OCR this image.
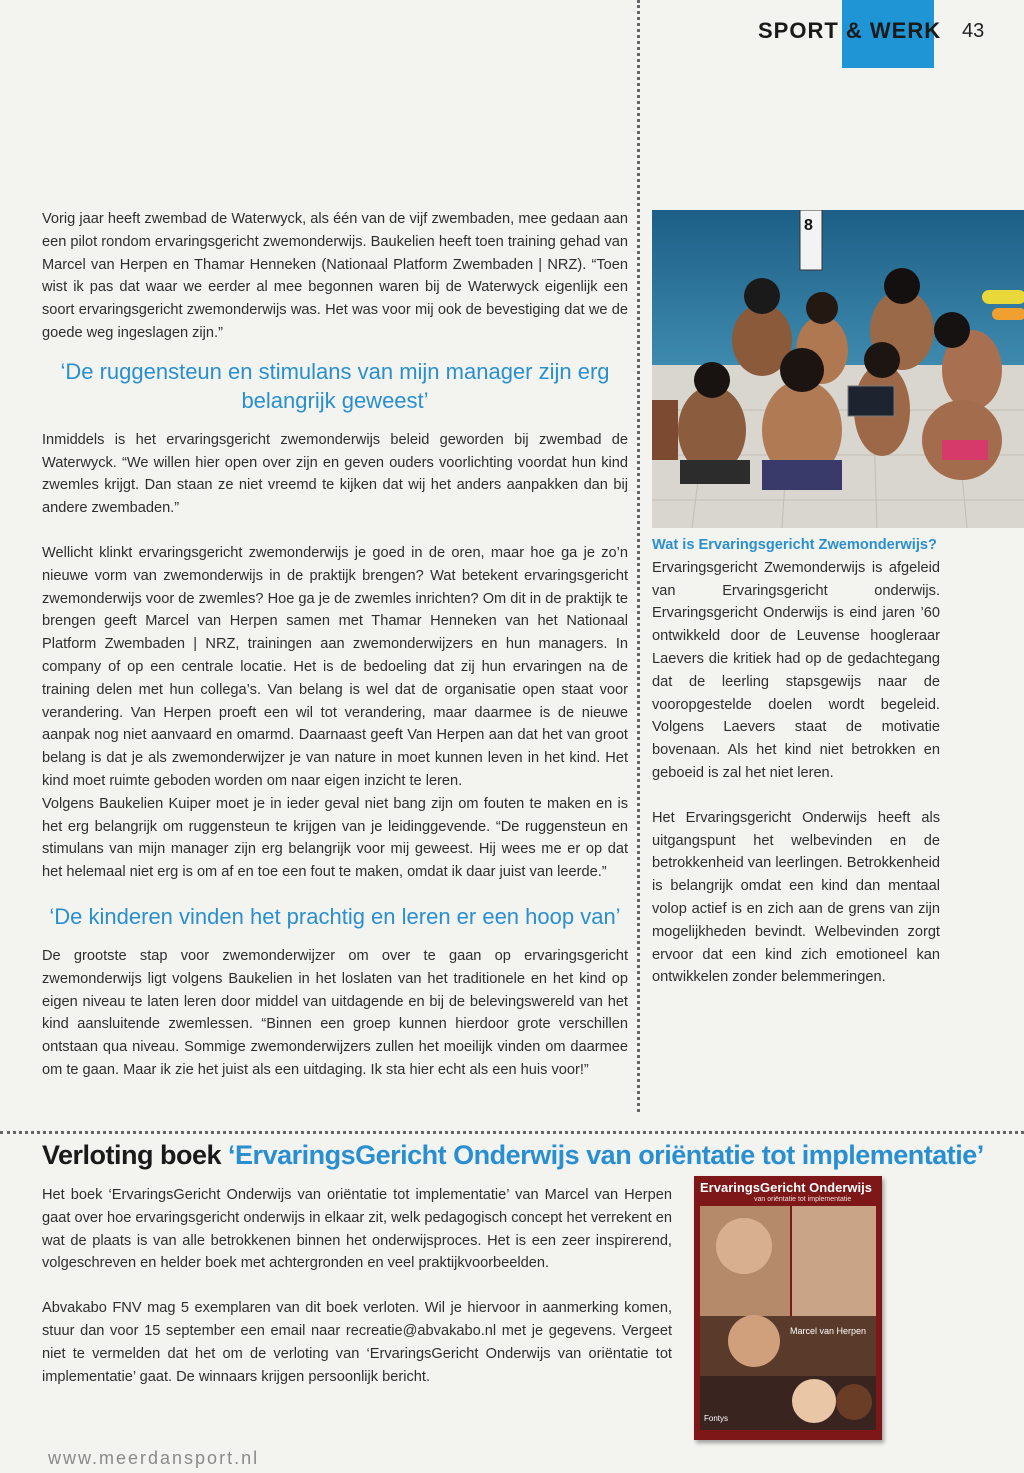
SPORT & WERK 43

Vorig jaar heeft zwembad de Waterwyck, als één van de vijf zwembaden, mee gedaan aan een pilot rondom ervaringsgericht zwemonderwijs. Baukelien heeft toen training gehad van Marcel van Herpen en Thamar Henneken (Nationaal Platform Zwembaden | NRZ). “Toen wist ik pas dat waar we eerder al mee begonnen waren bij de Waterwyck eigenlijk een soort ervaringsgericht zwemonderwijs was. Het was voor mij ook de bevestiging dat we de goede weg ingeslagen zijn.”

‘De ruggensteun en stimulans van mijn manager zijn erg belangrijk geweest’

Inmiddels is het ervaringsgericht zwemonderwijs beleid geworden bij zwembad de Waterwyck. “We willen hier open over zijn en geven ouders voorlichting voordat hun kind zwemles krijgt. Dan staan ze niet vreemd te kijken dat wij het anders aanpakken dan bij andere zwembaden.”

Wellicht klinkt ervaringsgericht zwemonderwijs je goed in de oren, maar hoe ga je zo’n nieuwe vorm van zwemonderwijs in de praktijk brengen? Wat betekent ervaringsgericht zwemonderwijs voor de zwemles? Hoe ga je de zwemles inrichten? Om dit in de praktijk te brengen geeft Marcel van Herpen samen met Thamar Henneken van het Nationaal Platform Zwembaden | NRZ, trainingen aan zwemonderwijzers en hun managers. In company of op een centrale locatie. Het is de bedoeling dat zij hun ervaringen na de training delen met hun collega’s. Van belang is wel dat de organisatie open staat voor verandering. Van Herpen proeft een wil tot verandering, maar daarmee is de nieuwe aanpak nog niet aanvaard en omarmd. Daarnaast geeft Van Herpen aan dat het van groot belang is dat je als zwemonderwijzer je van nature in moet kunnen leven in het kind. Het kind moet ruimte geboden worden om naar eigen inzicht te leren.

Volgens Baukelien Kuiper moet je in ieder geval niet bang zijn om fouten te maken en is het erg belangrijk om ruggensteun te krijgen van je leidinggevende. “De ruggensteun en stimulans van mijn manager zijn erg belangrijk voor mij geweest. Hij wees me er op dat het helemaal niet erg is om af en toe een fout te maken, omdat ik daar juist van leerde.”

‘De kinderen vinden het prachtig en leren er een hoop van’

De grootste stap voor zwemonderwijzer om over te gaan op ervaringsgericht zwemonderwijs ligt volgens Baukelien in het loslaten van het traditionele en het kind op eigen niveau te laten leren door middel van uitdagende en bij de belevingswereld van het kind aansluitende zwemlessen. “Binnen een groep kunnen hierdoor grote verschillen ontstaan qua niveau. Sommige zwemonderwijzers zullen het moeilijk vinden om daarmee om te gaan. Maar ik zie het juist als een uitdaging. Ik sta hier echt als een huis voor!”

8
Wat is Ervaringsgericht Zwemonderwijs?

Ervaringsgericht Zwemonderwijs is afgeleid van Ervaringsgericht onderwijs. Ervaringsgericht Onderwijs is eind jaren ’60 ontwikkeld door de Leuvense hoogleraar Laevers die kritiek had op de gedachtegang dat de leerling stapsgewijs naar de vooropgestelde doelen wordt begeleid. Volgens Laevers staat de motivatie bovenaan. Als het kind niet betrokken en geboeid is zal het niet leren.

Het Ervaringsgericht Onderwijs heeft als uitgangspunt het welbevinden en de betrokkenheid van leerlingen. Betrokkenheid is belangrijk omdat een kind dan mentaal volop actief is en zich aan de grens van zijn mogelijkheden bevindt. Welbevinden zorgt ervoor dat een kind zich emotioneel kan ontwikkelen zonder belemmeringen.

Verloting boek ‘ErvaringsGericht Onderwijs van oriëntatie tot implementatie’

Het boek ‘ErvaringsGericht Onderwijs van oriëntatie tot implementatie’ van Marcel van Herpen gaat over hoe ervaringsgericht onderwijs in elkaar zit, welk pedagogisch concept het verrekent en wat de plaats is van alle betrokkenen binnen het onderwijsproces. Het is een zeer inspirerend, volgeschreven en helder boek met achtergronden en veel praktijkvoorbeelden.

Abvakabo FNV mag 5 exemplaren van dit boek verloten. Wil je hiervoor in aanmerking komen, stuur dan voor 15 september een email naar recreatie@abvakabo.nl met je gegevens. Vergeet niet te vermelden dat het om de verloting van ‘ErvaringsGericht Onderwijs van oriëntatie tot implementatie’ gaat. De winnaars krijgen persoonlijk bericht.

ErvaringsGericht Onderwijs
van oriëntatie tot implementatie
Marcel van Herpen
Fontys
www.meerdansport.nl
